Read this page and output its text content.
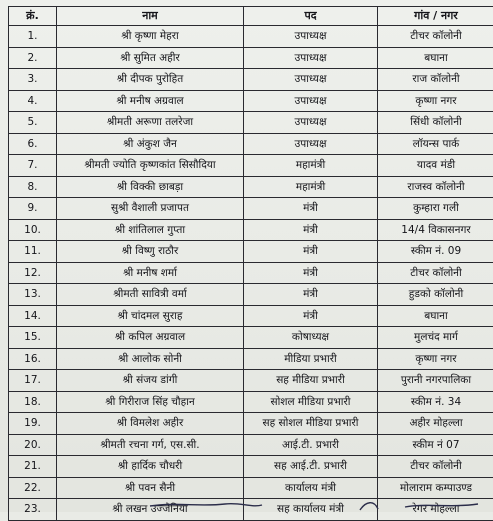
क्रं.	नाम	पद	गांव / नगर
1.	श्री कृष्णा मेहरा	उपाध्यक्ष	टीचर कॉलोनी
2.	श्री सुमित अहीर	उपाध्यक्ष	बघाना
3.	श्री दीपक पुरोहित	उपाध्यक्ष	राज कॉलोनी
4.	श्री मनीष अग्रवाल	उपाध्यक्ष	कृष्णा नगर
5.	श्रीमती अरूणा तलरेजा	उपाध्यक्ष	सिंधी कॉलोनी
6.	श्री अंकुश जैन	उपाध्यक्ष	लॉयन्स पार्क
7.	श्रीमती ज्योति कृष्णकांत सिसौदिया	महामंत्री	यादव मंडी
8.	श्री विक्की छाबड़ा	महामंत्री	राजस्व कॉलोनी
9.	सुश्री वैशाली प्रजापत	मंत्री	कुम्हारा गली
10.	श्री शांतिलाल गुप्ता	मंत्री	14/4 विकासनगर
11.	श्री विष्णु राठौर	मंत्री	स्कीम नं. 09
12.	श्री मनीष शर्मा	मंत्री	टीचर कॉलोनी
13.	श्रीमती सावित्री वर्मा	मंत्री	हुडको कॉलोनी
14.	श्री चांदमल सुराह	मंत्री	बघाना
15.	श्री कपिल अग्रवाल	कोषाध्यक्ष	मुलचंद मार्ग
16.	श्री आलोक सोनी	मीडिया प्रभारी	कृष्णा नगर
17.	श्री संजय डांगी	सह मीडिया प्रभारी	पुरानी नगरपालिका
18.	श्री गिरीराज सिंह चौहान	सोशल मीडिया प्रभारी	स्कीम नं. 34
19.	श्री विमलेश अहीर	सह सोशल मीडिया प्रभारी	अहीर मोहल्ला
20.	श्रीमती रचना गर्ग, एस.सी.	आई.टी. प्रभारी	स्कीम नं 07
21.	श्री हार्दिक चौधरी	सह आई.टी. प्रभारी	टीचर कॉलोनी
22.	श्री पवन सैनी	कार्यालय मंत्री	मोलाराम कम्पाउण्ड
23.	श्री लखन उज्जैनिया	सह कार्यालय मंत्री	रेगर मोहल्ला
